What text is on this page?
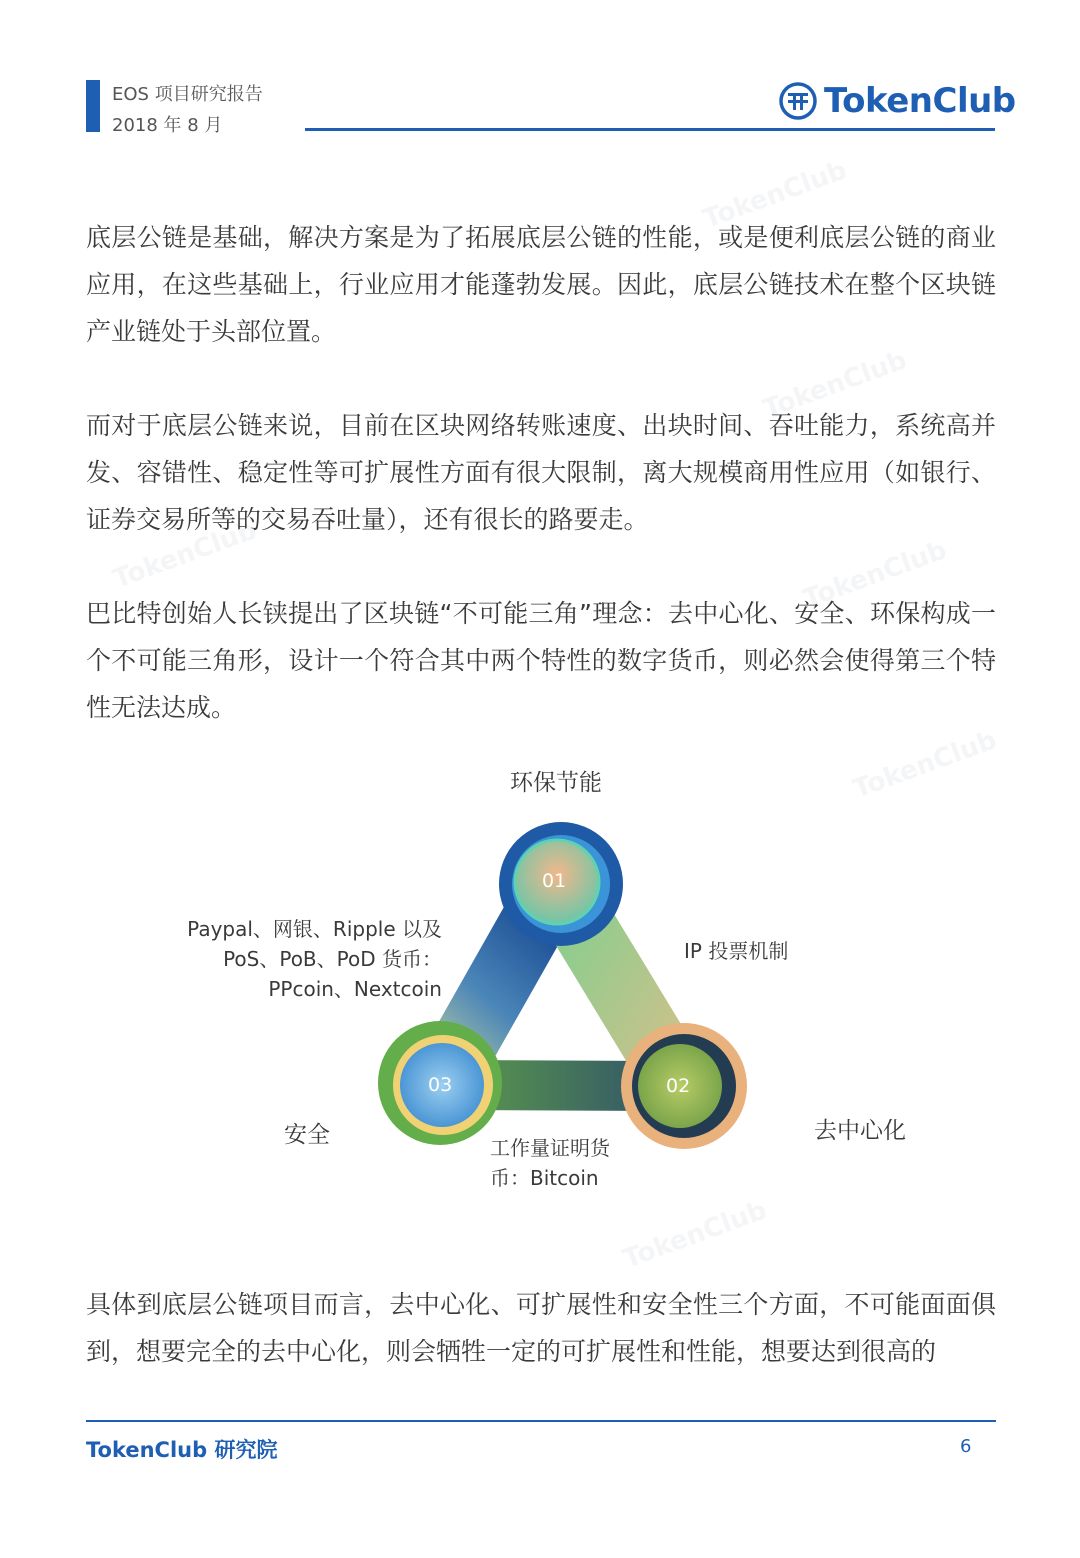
TokenClub
TokenClub
TokenClub	TokenClub
TokenClub
TokenClub
EOS 项目研究报告
2018 年 8 月
TokenClub

底层公链是基础，解决方案是为了拓展底层公链的性能，或是便利底层公链的商业应用，在这些基础上，行业应用才能蓬勃发展。因此，底层公链技术在整个区块链产业链处于头部位置。

而对于底层公链来说，目前在区块网络转账速度、出块时间、吞吐能力，系统高并发、容错性、稳定性等可扩展性方面有很大限制，离大规模商用性应用（如银行、证券交易所等的交易吞吐量），还有很长的路要走。

巴比特创始人长铗提出了区块链“不可能三角”理念：去中心化、安全、环保构成一个不可能三角形，设计一个符合其中两个特性的数字货币，则必然会使得第三个特性无法达成。

环保节能
去中心化
安全
01
02
03
Paypal、网银、Ripple 以及
PoS、PoB、PoD 货币：
PPcoin、Nextcoin
IP 投票机制
工作量证明货
币：Bitcoin

具体到底层公链项目而言，去中心化、可扩展性和安全性三个方面，不可能面面俱到，想要完全的去中心化，则会牺牲一定的可扩展性和性能，想要达到很高的

TokenClub 研究院	6
